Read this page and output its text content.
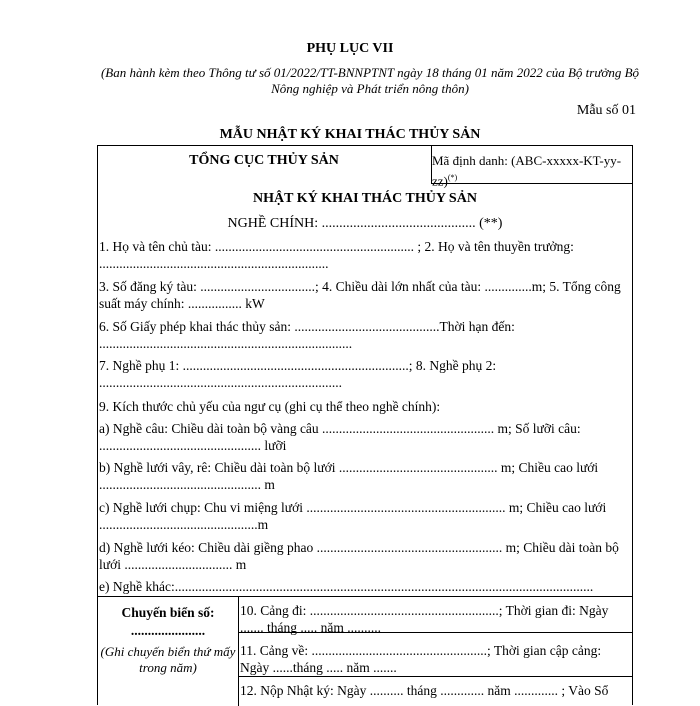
PHỤ LỤC VII
(Ban hành kèm theo Thông tư số 01/2022/TT-BNNPTNT ngày 18 tháng 01 năm 2022 của Bộ trưởng Bộ Nông nghiệp và Phát triển nông thôn)
Mẫu số 01
MẪU NHẬT KÝ KHAI THÁC THỦY SẢN
TỔNG CỤC THỦY SẢN	Mã định danh: (ABC-xxxxx-KT-yy-zz)(*)
NHẬT KÝ KHAI THÁC THỦY SẢN
NGHỀ CHÍNH: ............................................ (**)
1. Họ và tên chủ tàu: ........................................................... ; 2. Họ và tên thuyền trưởng: ....................................................................
3. Số đăng ký tàu: ..................................; 4. Chiều dài lớn nhất của tàu: ..............m; 5. Tổng công suất máy chính: ................ kW
6. Số Giấy phép khai thác thủy sản: ...........................................Thời hạn đến: ...........................................................................
7. Nghề phụ 1: ...................................................................; 8. Nghề phụ 2: ........................................................................
9. Kích thước chủ yếu của ngư cụ (ghi cụ thể theo nghề chính):
a) Nghề câu: Chiều dài toàn bộ vàng câu ................................................... m; Số lưỡi câu: ................................................ lưỡi
b) Nghề lưới vây, rê: Chiều dài toàn bộ lưới ............................................... m; Chiều cao lưới ................................................ m
c) Nghề lưới chụp: Chu vi miệng lưới ........................................................... m; Chiều cao lưới ...............................................m
d) Nghề lưới kéo: Chiều dài giềng phao ....................................................... m; Chiều dài toàn bộ lưới ................................ m
e) Nghề khác:............................................................................................................................
Chuyến biển số: ......................
(Ghi chuyến biển thứ mấy trong năm)
10. Cảng đi: ........................................................; Thời gian đi: Ngày ....... tháng ..... năm ..........
11. Cảng về: ....................................................; Thời gian cập cảng: Ngày ......tháng ..... năm .......
12. Nộp Nhật ký: Ngày .......... tháng ............. năm ............. ; Vào Sổ
